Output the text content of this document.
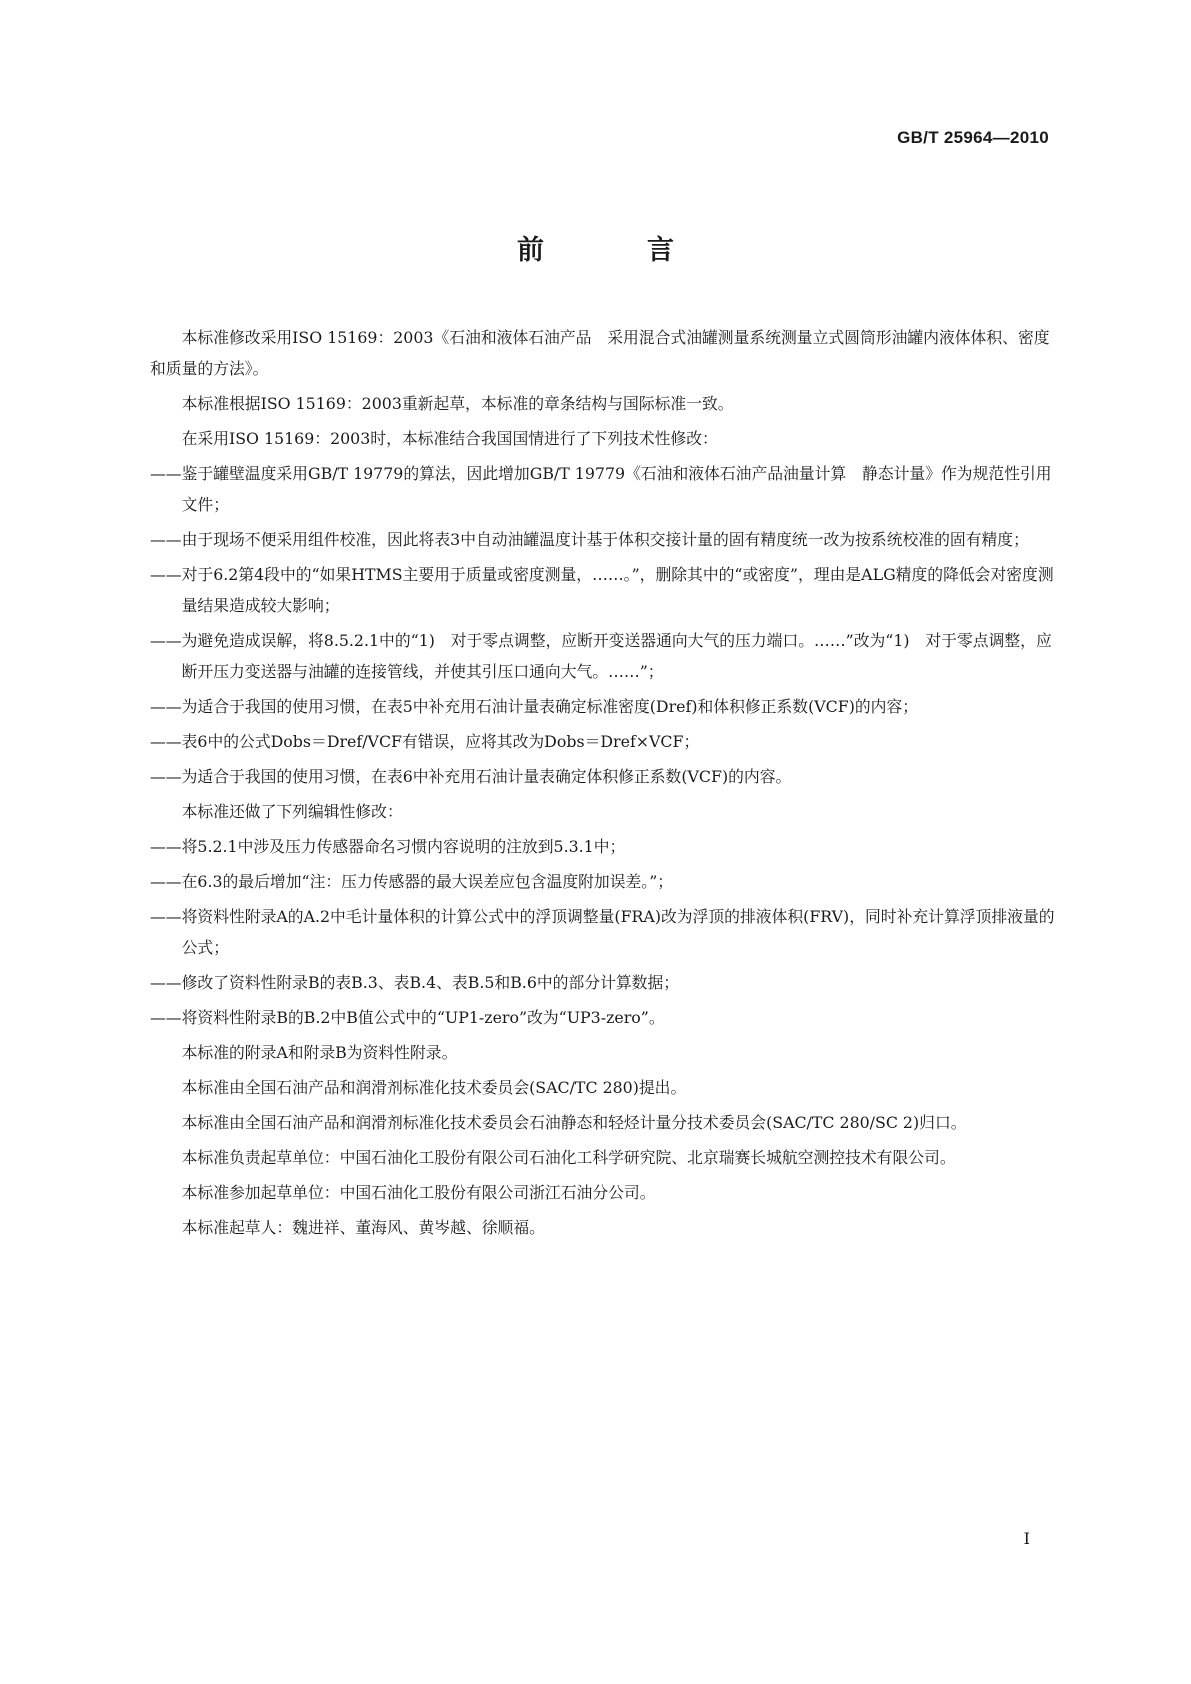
GB/T 25964—2010

前　言

本标准修改采用ISO 15169：2003《石油和液体石油产品　采用混合式油罐测量系统测量立式圆筒形油罐内液体体积、密度和质量的方法》。

本标准根据ISO 15169：2003重新起草，本标准的章条结构与国际标准一致。

在采用ISO 15169：2003时，本标准结合我国国情进行了下列技术性修改：

—— 鉴于罐壁温度采用GB/T 19779的算法，因此增加GB/T 19779《石油和液体石油产品油量计算　静态计量》作为规范性引用文件；

—— 由于现场不便采用组件校准，因此将表3中自动油罐温度计基于体积交接计量的固有精度统一改为按系统校准的固有精度；

—— 对于6.2第4段中的“如果HTMS主要用于质量或密度测量，……。”，删除其中的“或密度”，理由是ALG精度的降低会对密度测量结果造成较大影响；

—— 为避免造成误解，将8.5.2.1中的“1)　对于零点调整，应断开变送器通向大气的压力端口。……”改为“1)　对于零点调整，应断开压力变送器与油罐的连接管线，并使其引压口通向大气。……”；

—— 为适合于我国的使用习惯，在表5中补充用石油计量表确定标准密度(Dref)和体积修正系数(VCF)的内容；

—— 表6中的公式Dobs＝Dref/VCF有错误，应将其改为Dobs＝Dref×VCF；

—— 为适合于我国的使用习惯，在表6中补充用石油计量表确定体积修正系数(VCF)的内容。

本标准还做了下列编辑性修改：

—— 将5.2.1中涉及压力传感器命名习惯内容说明的注放到5.3.1中；

—— 在6.3的最后增加“注：压力传感器的最大误差应包含温度附加误差。”；

—— 将资料性附录A的A.2中毛计量体积的计算公式中的浮顶调整量(FRA)改为浮顶的排液体积(FRV)，同时补充计算浮顶排液量的公式；

—— 修改了资料性附录B的表B.3、表B.4、表B.5和B.6中的部分计算数据；

—— 将资料性附录B的B.2中B值公式中的“UP1-zero”改为“UP3-zero”。

本标准的附录A和附录B为资料性附录。

本标准由全国石油产品和润滑剂标准化技术委员会(SAC/TC 280)提出。

本标准由全国石油产品和润滑剂标准化技术委员会石油静态和轻烃计量分技术委员会(SAC/TC 280/SC 2)归口。

本标准负责起草单位：中国石油化工股份有限公司石油化工科学研究院、北京瑞赛长城航空测控技术有限公司。

本标准参加起草单位：中国石油化工股份有限公司浙江石油分公司。

本标准起草人：魏进祥、董海风、黄岑越、徐顺福。

I
